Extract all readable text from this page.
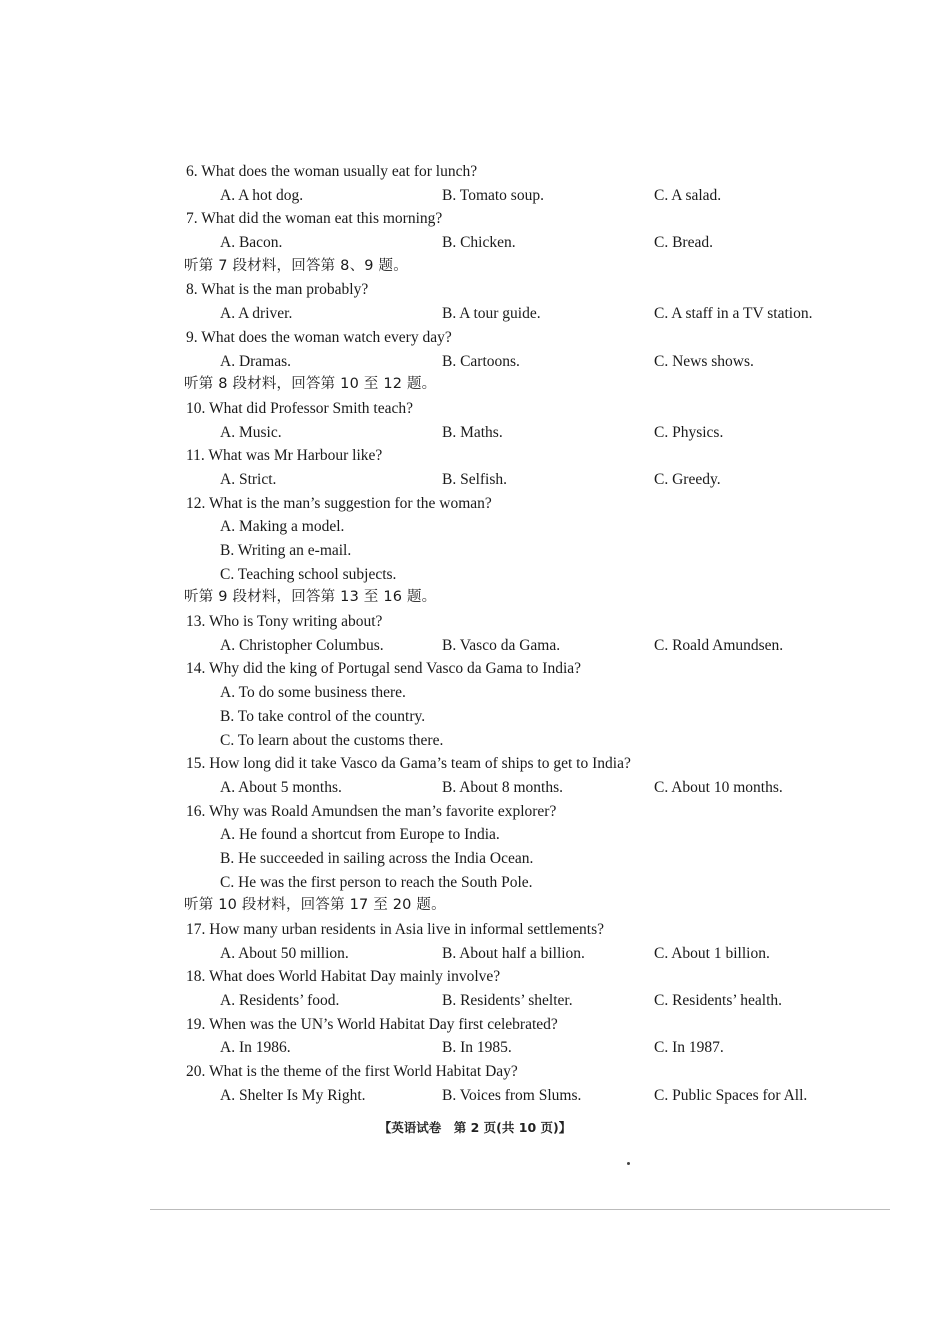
6. What does the woman usually eat for lunch?
A. A hot dog.	B. Tomato soup.	C. A salad.
7. What did the woman eat this morning?
A. Bacon.	B. Chicken.	C. Bread.
听第 7 段材料，回答第 8、9 题。
8. What is the man probably?
A. A driver.	B. A tour guide.	C. A staff in a TV station.
9. What does the woman watch every day?
A. Dramas.	B. Cartoons.	C. News shows.
听第 8 段材料，回答第 10 至 12 题。
10. What did Professor Smith teach?
A. Music.	B. Maths.	C. Physics.
11. What was Mr Harbour like?
A. Strict.	B. Selfish.	C. Greedy.
12. What is the man’s suggestion for the woman?
A. Making a model.
B. Writing an e-mail.
C. Teaching school subjects.
听第 9 段材料，回答第 13 至 16 题。
13. Who is Tony writing about?
A. Christopher Columbus.	B. Vasco da Gama.	C. Roald Amundsen.
14. Why did the king of Portugal send Vasco da Gama to India?
A. To do some business there.
B. To take control of the country.
C. To learn about the customs there.
15. How long did it take Vasco da Gama’s team of ships to get to India?
A. About 5 months.	B. About 8 months.	C. About 10 months.
16. Why was Roald Amundsen the man’s favorite explorer?
A. He found a shortcut from Europe to India.
B. He succeeded in sailing across the India Ocean.
C. He was the first person to reach the South Pole.
听第 10 段材料，回答第 17 至 20 题。
17. How many urban residents in Asia live in informal settlements?
A. About 50 million.	B. About half a billion.	C. About 1 billion.
18. What does World Habitat Day mainly involve?
A. Residents’ food.	B. Residents’ shelter.	C. Residents’ health.
19. When was the UN’s World Habitat Day first celebrated?
A. In 1986.	B. In 1985.	C. In 1987.
20. What is the theme of the first World Habitat Day?
A. Shelter Is My Right.	B. Voices from Slums.	C. Public Spaces for All.
【英语试卷　第 2 页(共 10 页)】
